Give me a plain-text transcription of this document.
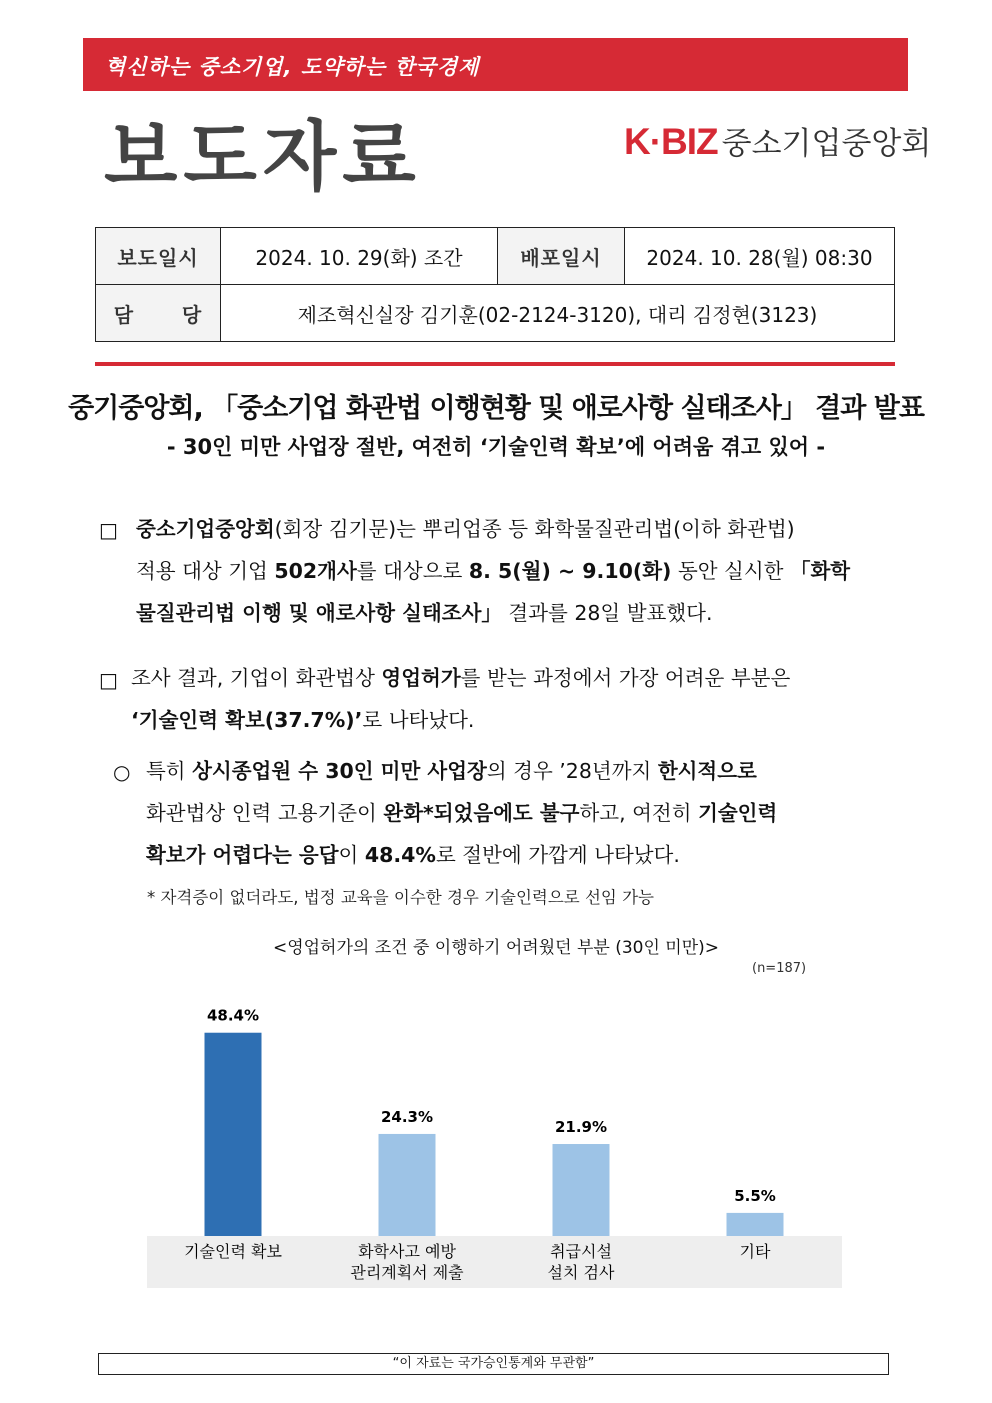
혁신하는 중소기업, 도약하는 한국경제
보도자료	K·BIZ 중소기업중앙회
보도일시	2024. 10. 29(화) 조간	배포일시	2024. 10. 28(월) 08:30
담      당	제조혁신실장 김기훈(02-2124-3120), 대리 김정현(3123)		
중기중앙회, 「중소기업 화관법 이행현황 및 애로사항 실태조사」 결과 발표
- 30인 미만 사업장 절반, 여전히 ‘기술인력 확보’에 어려움 겪고 있어 -
□ 중소기업중앙회(회장 김기문)는 뿌리업종 등 화학물질관리법(이하 화관법)
적용 대상 기업 502개사를 대상으로 8. 5(월) ~ 9.10(화) 동안 실시한 「화학
물질관리법 이행 및 애로사항 실태조사」 결과를 28일 발표했다.
□ 조사 결과, 기업이 화관법상 영업허가를 받는 과정에서 가장 어려운 부분은
‘기술인력 확보(37.7%)’로 나타났다.
○ 특히 상시종업원 수 30인 미만 사업장의 경우 ’28년까지 한시적으로
화관법상 인력 고용기준이 완화*되었음에도 불구하고, 여전히 기술인력
확보가 어렵다는 응답이 48.4%로 절반에 가깝게 나타났다.
* 자격증이 없더라도, 법정 교육을 이수한 경우 기술인력으로 선임 가능
<영업허가의 조건 중 이행하기 어려웠던 부분 (30인 미만)>
(n=187)
48.4%
기술인력 확보
24.3%
화학사고 예방
관리계획서 제출
21.9%
취급시설
설치 검사
5.5%
기타
“이 자료는 국가승인통계와 무관함”
